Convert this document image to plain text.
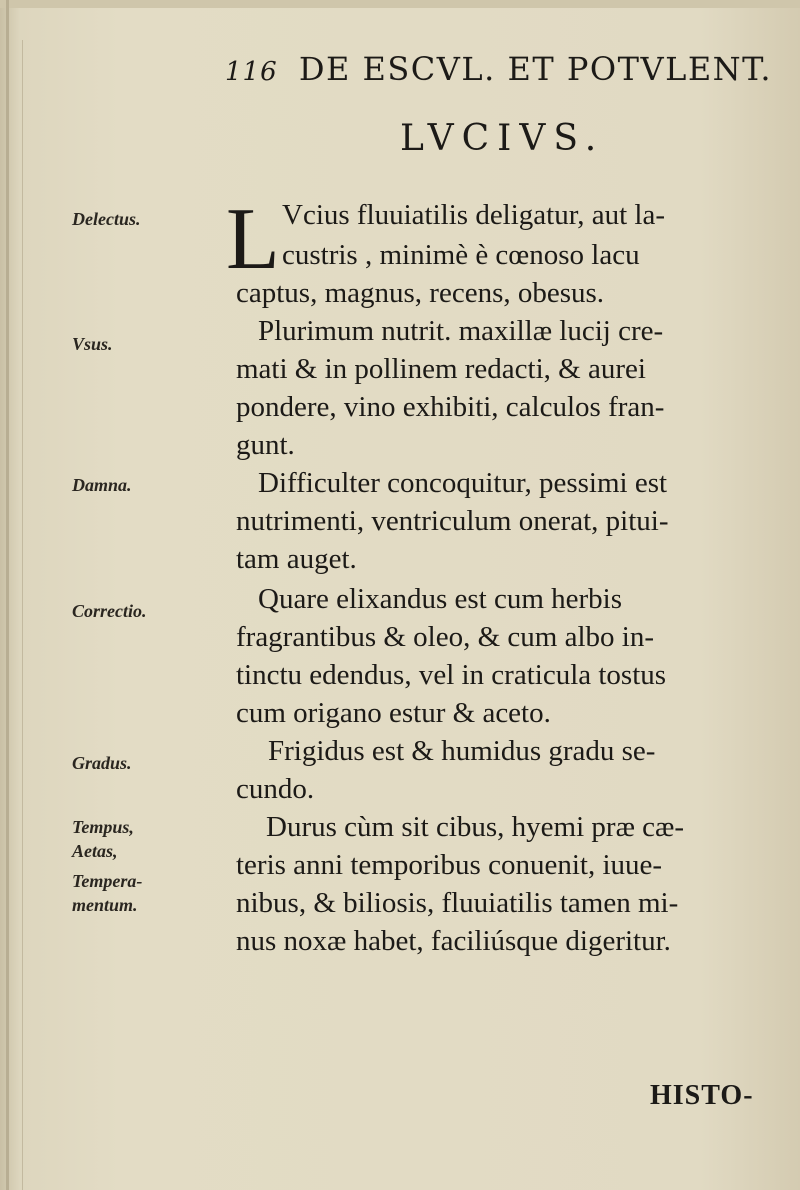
116 DE ESCVL. ET POTVLENT.
LVCIVS.
Delectus.
Vsus.
Damna.
Correctio.
Gradus.
Tempus,
Aetas,
Tempera-
mentum.
L Vcius fluuiatilis deligatur, aut la-
custris , minimè è cœnoso lacu
captus, magnus, recens, obesus.
Plurimum nutrit. maxillæ lucij cre-
mati & in pollinem redacti, & aurei
pondere, vino exhibiti, calculos fran-
gunt.
Difficulter concoquitur, pessimi est
nutrimenti, ventriculum onerat, pitui-
tam auget.
Quare elixandus est cum herbis
fragrantibus & oleo, & cum albo in-
tinctu edendus, vel in craticula tostus
cum origano estur & aceto.
Frigidus est & humidus gradu se-
cundo.
Durus cùm sit cibus, hyemi præ cæ-
teris anni temporibus conuenit, iuue-
nibus, & biliosis, fluuiatilis tamen mi-
nus noxæ habet, faciliúsque digeritur.
HISTO-
